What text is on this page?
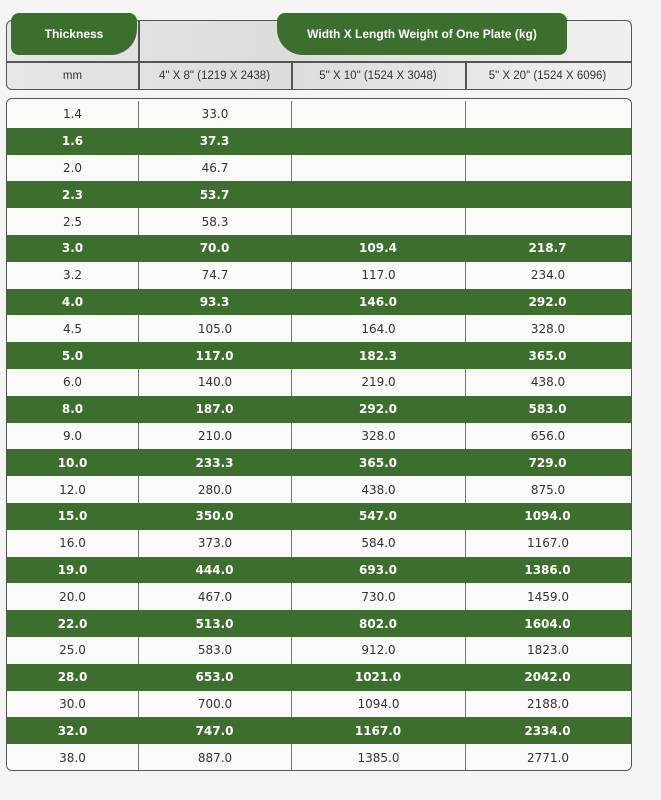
Thickness	Width X Length Weight of One Plate (kg)
mm	4" X 8" (1219 X 2438)	5" X 10" (1524 X 3048)	5" X 20" (1524 X 6096)
1.4	33.0
1.6	37.3
2.0	46.7
2.3	53.7
2.5	58.3
3.0	70.0	109.4	218.7
3.2	74.7	117.0	234.0
4.0	93.3	146.0	292.0
4.5	105.0	164.0	328.0
5.0	117.0	182.3	365.0
6.0	140.0	219.0	438.0
8.0	187.0	292.0	583.0
9.0	210.0	328.0	656.0
10.0	233.3	365.0	729.0
12.0	280.0	438.0	875.0
15.0	350.0	547.0	1094.0
16.0	373.0	584.0	1167.0
19.0	444.0	693.0	1386.0
20.0	467.0	730.0	1459.0
22.0	513.0	802.0	1604.0
25.0	583.0	912.0	1823.0
28.0	653.0	1021.0	2042.0
30.0	700.0	1094.0	2188.0
32.0	747.0	1167.0	2334.0
38.0	887.0	1385.0	2771.0
